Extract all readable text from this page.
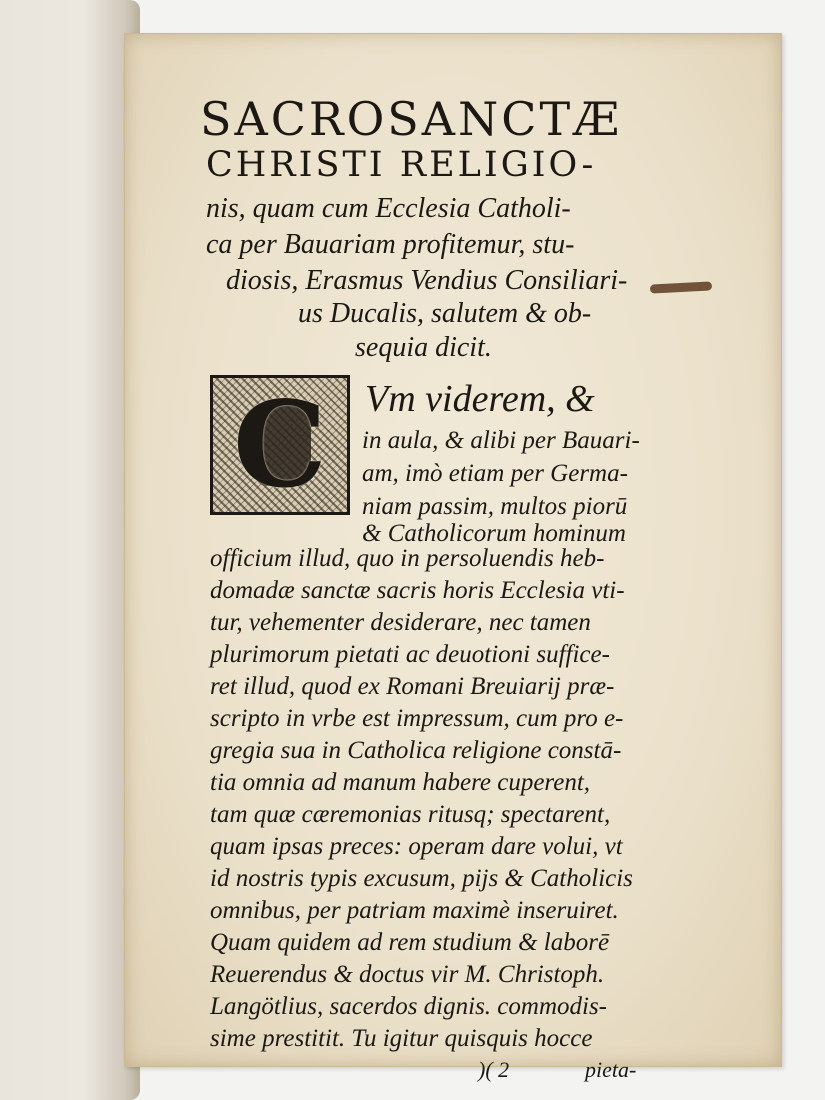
SACROSANCTÆ
CHRISTI RELIGIO-
nis, quam cum Ecclesia Catholi-
ca per Bauariam profitemur, stu-
diosis, Erasmus Vendius Consiliari-
us Ducalis, salutem & ob-
sequia dicit.
C Vm viderem, &
in aula, & alibi per Bauari-
am, imò etiam per Germa-
niam passim, multos piorū
& Catholicorum hominum
officium illud, quo in persoluendis heb-
domadæ sanctæ sacris horis Ecclesia vti-
tur, vehementer desiderare, nec tamen
plurimorum pietati ac deuotioni suffice-
ret illud, quod ex Romani Breuiarij præ-
scripto in vrbe est impressum, cum pro e-
gregia sua in Catholica religione constā-
tia omnia ad manum habere cuperent,
tam quæ cæremonias ritusq; spectarent,
quam ipsas preces: operam dare volui, vt
id nostris typis excusum, pijs & Catholicis
omnibus, per patriam maximè inseruiret.
Quam quidem ad rem studium & laborē
Reuerendus & doctus vir M. Christoph.
Langötlius, sacerdos dignis. commodis-
sime prestitit. Tu igitur quisquis hocce
)( 2	pieta-
